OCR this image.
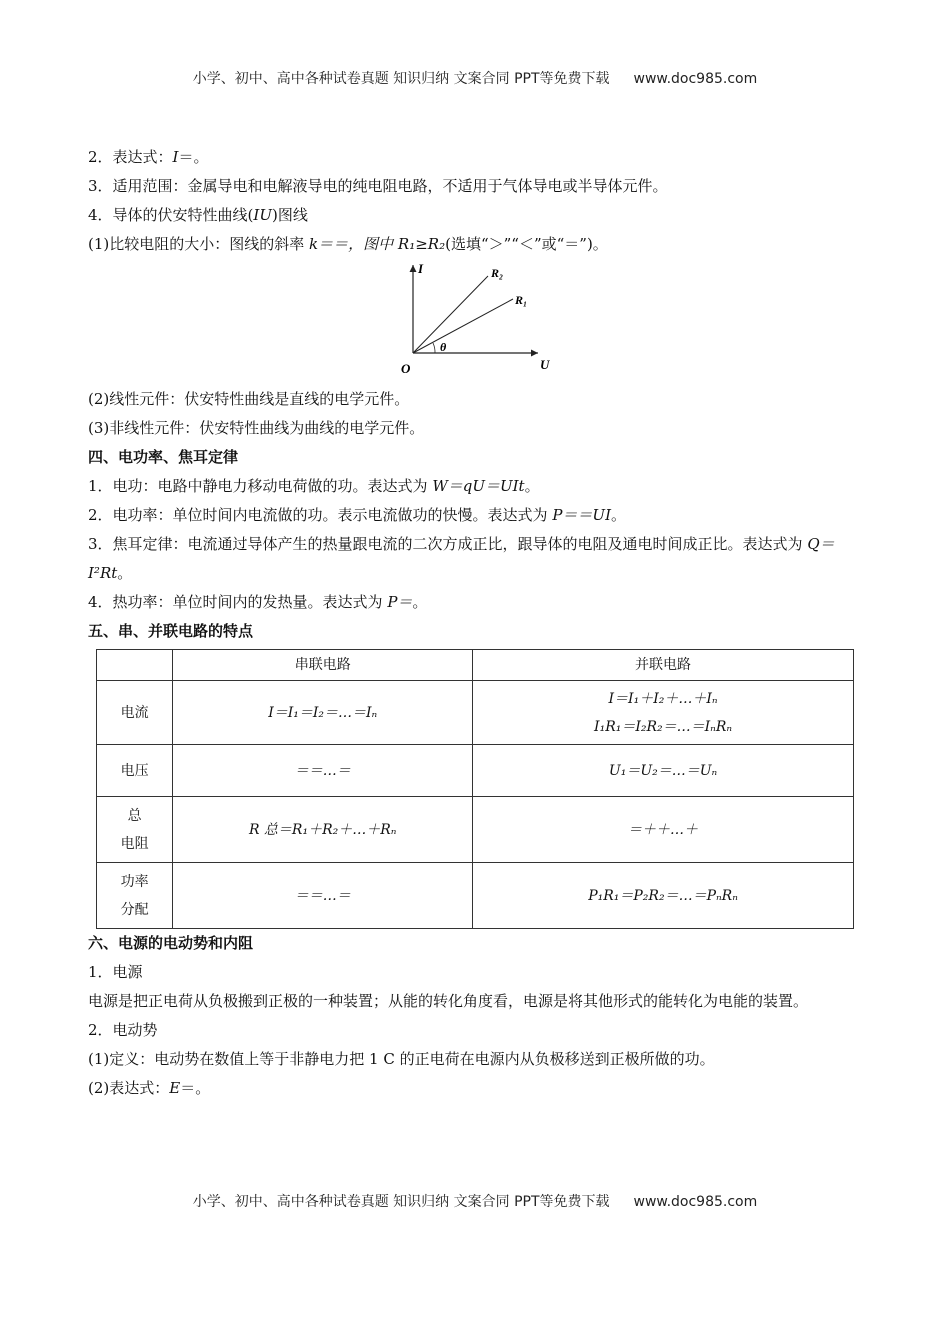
小学、初中、高中各种试卷真题 知识归纳 文案合同 PPT等免费下载 www.doc985.com
2．表达式：I＝。
3．适用范围：金属导电和电解液导电的纯电阻电路，不适用于气体导电或半导体元件。
4．导体的伏安特性曲线(IU)图线
(1)比较电阻的大小：图线的斜率 k＝＝，图中 R₁≥R₂(选填“＞”“＜”或“＝”)。
I
U
O
θ
R₂
R₁
(2)线性元件：伏安特性曲线是直线的电学元件。
(3)非线性元件：伏安特性曲线为曲线的电学元件。
四、电功率、焦耳定律
1．电功：电路中静电力移动电荷做的功。表达式为 W＝qU＝UIt。
2．电功率：单位时间内电流做的功。表示电流做功的快慢。表达式为 P＝＝UI。
3．焦耳定律：电流通过导体产生的热量跟电流的二次方成正比，跟导体的电阻及通电时间成正比。表达式为 Q＝I²Rt。
4．热功率：单位时间内的发热量。表达式为 P＝。
五、串、并联电路的特点
	串联电路	并联电路
电流	I＝I₁＝I₂＝…＝Iₙ	I＝I₁＋I₂＋…＋Iₙ
I₁R₁＝I₂R₂＝…＝IₙRₙ

电压	＝＝…＝	U₁＝U₂＝…＝Uₙ

总
电阻	R 总＝R₁＋R₂＋…＋Rₙ	＝＋＋…＋

功率
分配	＝＝…＝	P₁R₁＝P₂R₂＝…＝PₙRₙ
六、电源的电动势和内阻
1．电源
电源是把正电荷从负极搬到正极的一种装置；从能的转化角度看，电源是将其他形式的能转化为电能的装置。
2．电动势
(1)定义：电动势在数值上等于非静电力把 1 C 的正电荷在电源内从负极移送到正极所做的功。
(2)表达式：E＝。
小学、初中、高中各种试卷真题 知识归纳 文案合同 PPT等免费下载 www.doc985.com
